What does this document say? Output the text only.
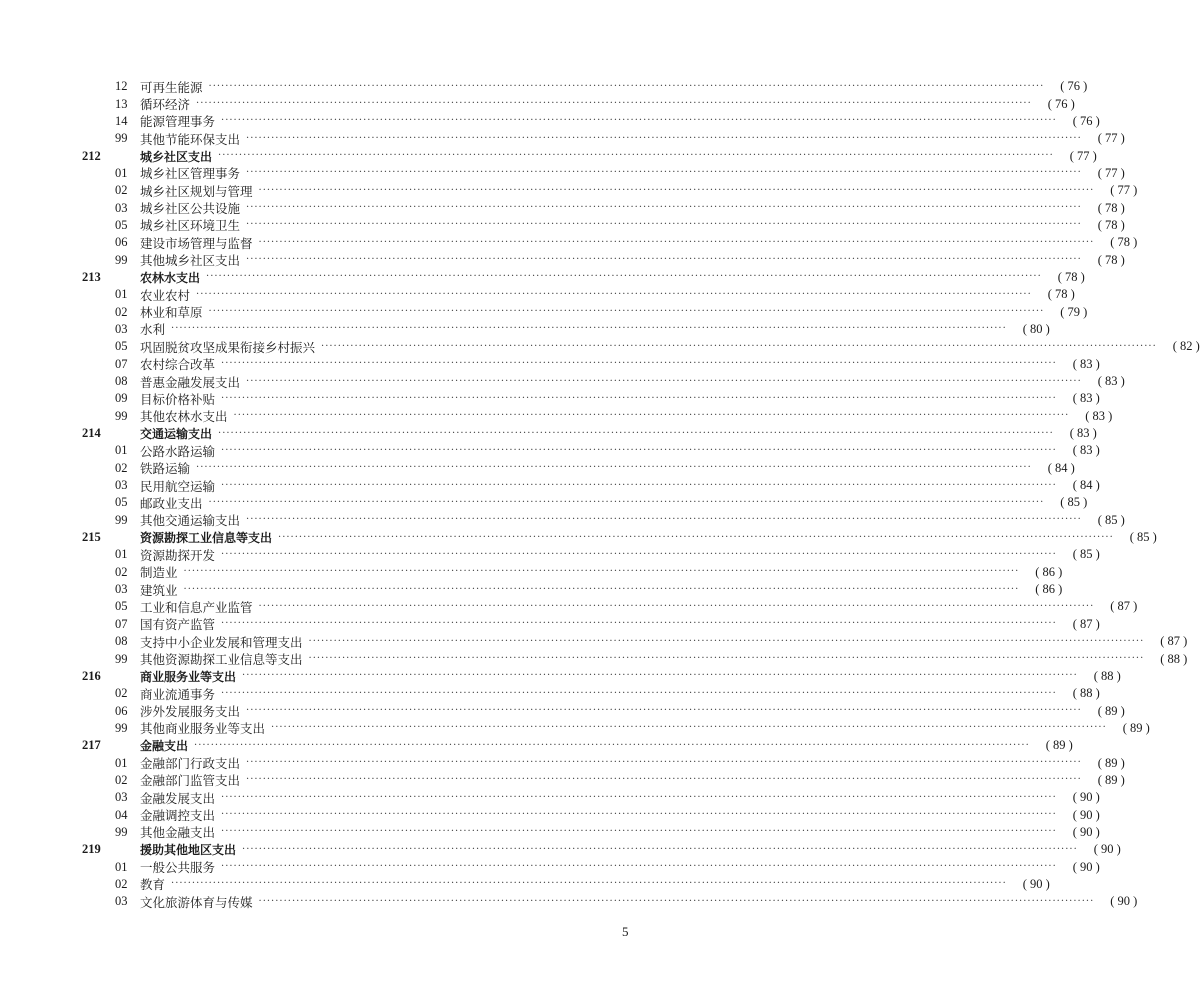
12	可再生能源 ········································································································································································································	( 76 )
13	循环经济 ········································································································································································································	( 76 )
14	能源管理事务 ········································································································································································································	( 76 )
99	其他节能环保支出 ········································································································································································································	( 77 )
212	城乡社区支出 ········································································································································································································	( 77 )
01	城乡社区管理事务 ········································································································································································································	( 77 )
02	城乡社区规划与管理 ········································································································································································································	( 77 )
03	城乡社区公共设施 ········································································································································································································	( 78 )
05	城乡社区环境卫生 ········································································································································································································	( 78 )
06	建设市场管理与监督 ········································································································································································································	( 78 )
99	其他城乡社区支出 ········································································································································································································	( 78 )
213	农林水支出 ········································································································································································································	( 78 )
01	农业农村 ········································································································································································································	( 78 )
02	林业和草原 ········································································································································································································	( 79 )
03	水利 ········································································································································································································	( 80 )
05	巩固脱贫攻坚成果衔接乡村振兴 ········································································································································································································	( 82 )
07	农村综合改革 ········································································································································································································	( 83 )
08	普惠金融发展支出 ········································································································································································································	( 83 )
09	目标价格补贴 ········································································································································································································	( 83 )
99	其他农林水支出 ········································································································································································································	( 83 )
214	交通运输支出 ········································································································································································································	( 83 )
01	公路水路运输 ········································································································································································································	( 83 )
02	铁路运输 ········································································································································································································	( 84 )
03	民用航空运输 ········································································································································································································	( 84 )
05	邮政业支出 ········································································································································································································	( 85 )
99	其他交通运输支出 ········································································································································································································	( 85 )
215	资源勘探工业信息等支出 ········································································································································································································	( 85 )
01	资源勘探开发 ········································································································································································································	( 85 )
02	制造业 ········································································································································································································	( 86 )
03	建筑业 ········································································································································································································	( 86 )
05	工业和信息产业监管 ········································································································································································································	( 87 )
07	国有资产监管 ········································································································································································································	( 87 )
08	支持中小企业发展和管理支出 ········································································································································································································	( 87 )
99	其他资源勘探工业信息等支出 ········································································································································································································	( 88 )
216	商业服务业等支出 ········································································································································································································	( 88 )
02	商业流通事务 ········································································································································································································	( 88 )
06	涉外发展服务支出 ········································································································································································································	( 89 )
99	其他商业服务业等支出 ········································································································································································································	( 89 )
217	金融支出 ········································································································································································································	( 89 )
01	金融部门行政支出 ········································································································································································································	( 89 )
02	金融部门监管支出 ········································································································································································································	( 89 )
03	金融发展支出 ········································································································································································································	( 90 )
04	金融调控支出 ········································································································································································································	( 90 )
99	其他金融支出 ········································································································································································································	( 90 )
219	援助其他地区支出 ········································································································································································································	( 90 )
01	一般公共服务 ········································································································································································································	( 90 )
02	教育 ········································································································································································································	( 90 )
03	文化旅游体育与传媒 ········································································································································································································	( 90 )
5
